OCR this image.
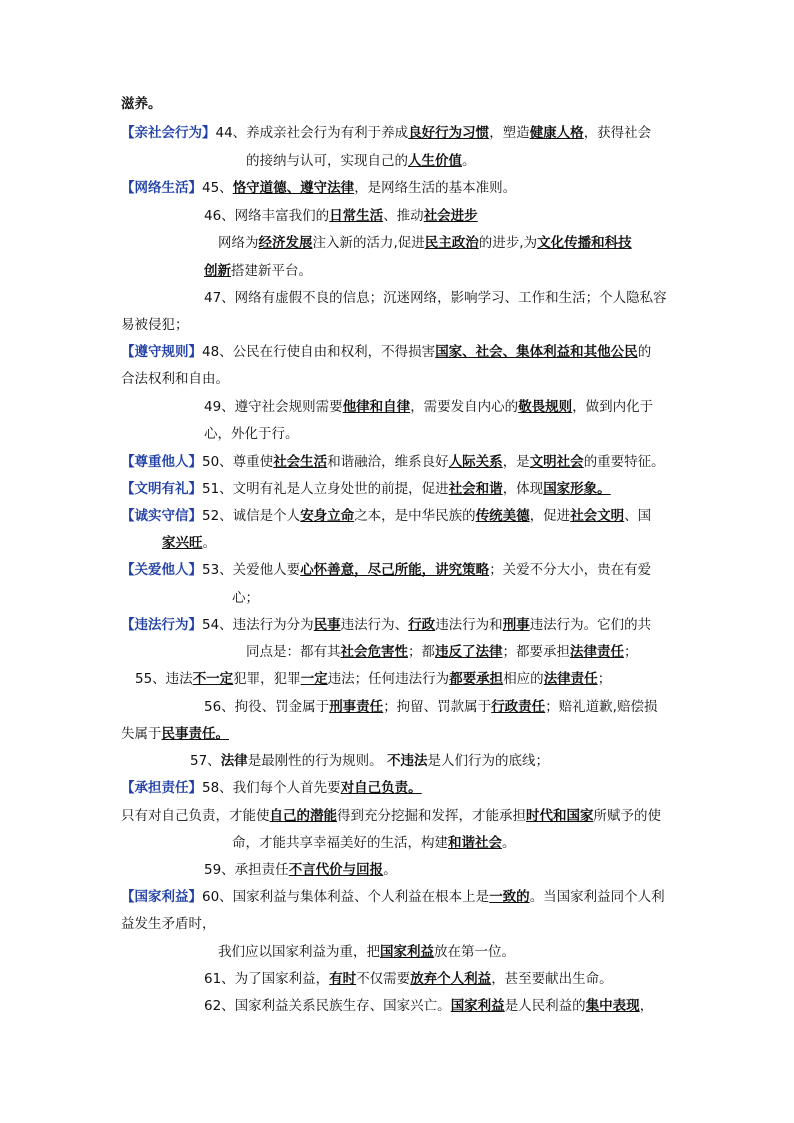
滋养。
【亲社会行为】44、养成亲社会行为有利于养成良好行为习惯，塑造健康人格，获得社会
的接纳与认可，实现自己的人生价值。
【网络生活】45、恪守道德、遵守法律，是网络生活的基本准则。
46、网络丰富我们的日常生活、推动社会进步
网络为经济发展注入新的活力,促进民主政治的进步,为文化传播和科技
创新搭建新平台。
47、网络有虚假不良的信息；沉迷网络，影响学习、工作和生活；个人隐私容
易被侵犯；
【遵守规则】48、公民在行使自由和权利，不得损害国家、社会、集体利益和其他公民的
合法权利和自由。
49、遵守社会规则需要他律和自律，需要发自内心的敬畏规则，做到内化于
心，外化于行。
【尊重他人】50、尊重使社会生活和谐融洽，维系良好人际关系，是文明社会的重要特征。
【文明有礼】51、文明有礼是人立身处世的前提，促进社会和谐，体现国家形象。
【诚实守信】52、诚信是个人安身立命之本，是中华民族的传统美德，促进社会文明、国
家兴旺。
【关爱他人】53、关爱他人要心怀善意，尽己所能，讲究策略；关爱不分大小，贵在有爱
心；
【违法行为】54、违法行为分为民事违法行为、行政违法行为和刑事违法行为。它们的共
同点是：都有其社会危害性；都违反了法律；都要承担法律责任；
55、违法不一定犯罪，犯罪一定违法；任何违法行为都要承担相应的法律责任；
56、拘役、罚金属于刑事责任；拘留、罚款属于行政责任；赔礼道歉,赔偿损
失属于民事责任。
57、法律是最刚性的行为规则。 不违法是人们行为的底线；
【承担责任】58、我们每个人首先要对自己负责。
只有对自己负责，才能使自己的潜能得到充分挖掘和发挥，才能承担时代和国家所赋予的使
命，才能共享幸福美好的生活，构建和谐社会。
59、承担责任不言代价与回报。
【国家利益】60、国家利益与集体利益、个人利益在根本上是一致的。当国家利益同个人利
益发生矛盾时，
我们应以国家利益为重，把国家利益放在第一位。
61、为了国家利益，有时不仅需要放弃个人利益，甚至要献出生命。
62、国家利益关系民族生存、国家兴亡。国家利益是人民利益的集中表现，
